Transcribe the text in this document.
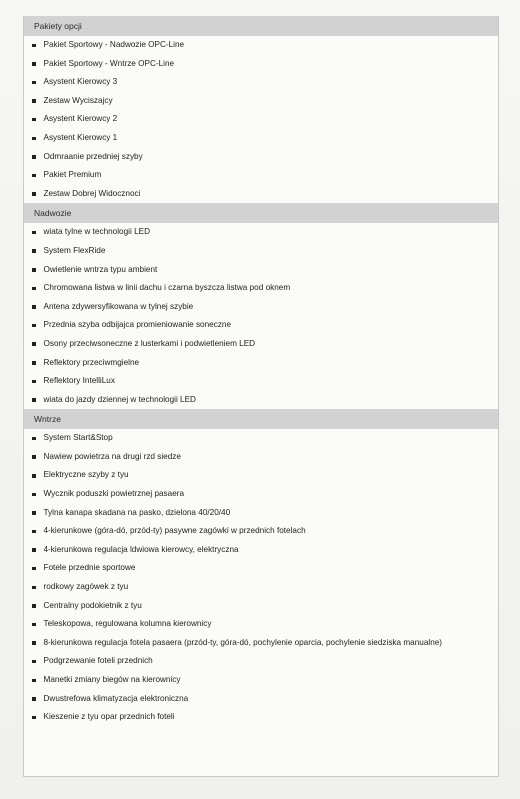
Pakiety opcji
Pakiet Sportowy - Nadwozie OPC-Line
Pakiet Sportowy - Wntrze OPC-Line
Asystent Kierowcy 3
Zestaw Wyciszajcy
Asystent Kierowcy 2
Asystent Kierowcy 1
Odmraanie przedniej szyby
Pakiet Premium
Zestaw Dobrej Widocznoci
Nadwozie
wiata tylne w technologii LED
System FlexRide
Owietlenie wntrza typu ambient
Chromowana listwa w linii dachu i czarna byszcza listwa pod oknem
Antena zdywersyfikowana w tylnej szybie
Przednia szyba odbijajca promieniowanie soneczne
Osony przeciwsoneczne z lusterkami i podwietleniem LED
Reflektory przeciwmgielne
Reflektory IntelliLux
wiata do jazdy dziennej w technologii LED
Wntrze
System Start&Stop
Nawiew powietrza na drugi rzd siedze
Elektryczne szyby z tyu
Wycznik poduszki powietrznej pasaera
Tylna kanapa skadana na pasko, dzielona 40/20/40
4-kierunkowe (góra-dó, przód-ty) pasywne zagówki w przednich fotelach
4-kierunkowa regulacja ldwiowa kierowcy, elektryczna
Fotele przednie sportowe
rodkowy zagówek z tyu
Centralny podokietnik z tyu
Teleskopowa, regulowana kolumna kierownicy
8-kierunkowa regulacja fotela pasaera (przód-ty, góra-dó, pochylenie oparcia, pochylenie siedziska manualne)
Podgrzewanie foteli przednich
Manetki zmiany biegów na kierownicy
Dwustrefowa klimatyzacja elektroniczna
Kieszenie z tyu opar przednich foteli
